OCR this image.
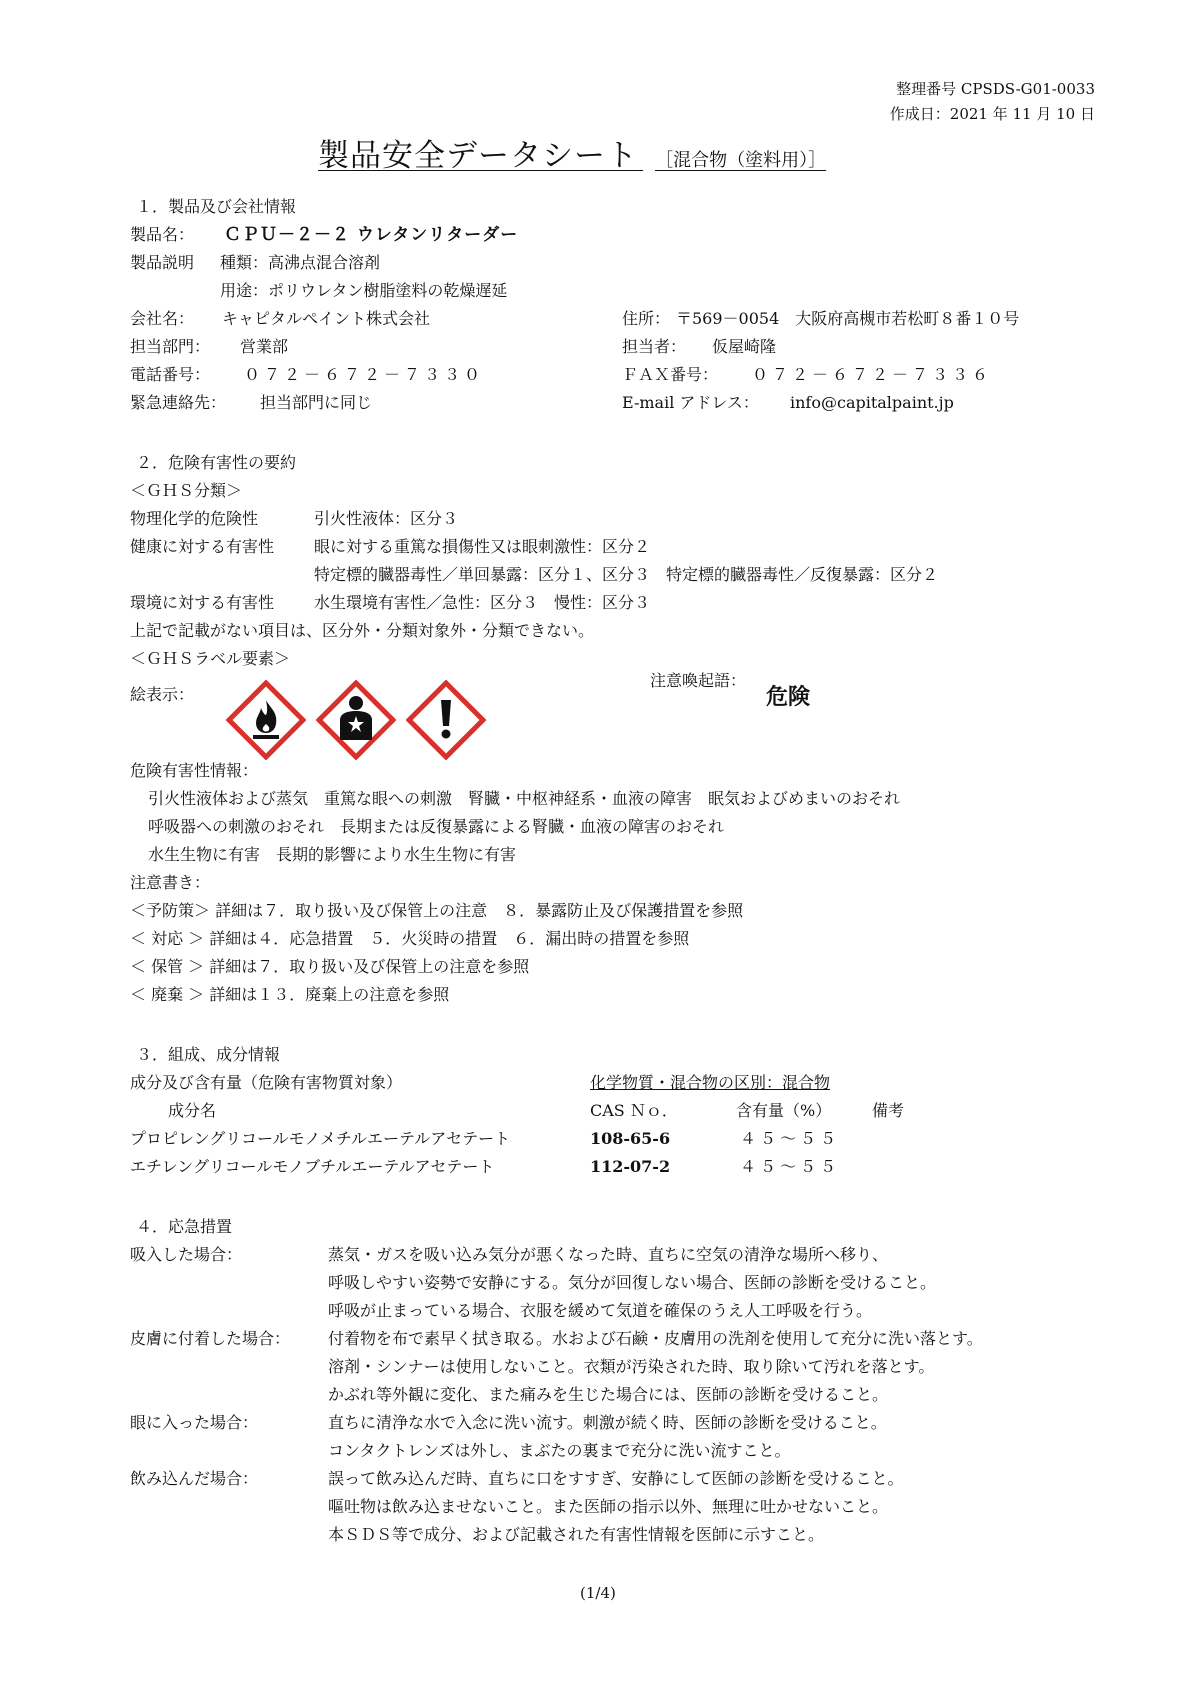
整理番号 CPSDS-G01-0033
作成日：2021 年 11 月 10 日
製品安全データシート ［混合物（塗料用）］
１．製品及び会社情報
製品名： ＣＰＵ－２－２ ウレタンリターダー
製品説明 種類：高沸点混合溶剤
用途：ポリウレタン樹脂塗料の乾燥遅延
会社名： キャピタルペイント株式会社	住所： 〒569－0054　大阪府高槻市若松町８番１０号
担当部門： 営業部	担当者： 仮屋崎隆
電話番号： ０７２－６７２－７３３０	ＦＡＸ番号： ０７２－６７２－７３３６
緊急連絡先： 担当部門に同じ	E-mail アドレス： info@capitalpaint.jp
２．危険有害性の要約
＜ＧＨＳ分類＞
物理化学的危険性	引火性液体：区分３
健康に対する有害性 眼に対する重篤な損傷性又は眼刺激性：区分２
特定標的臓器毒性／単回暴露：区分１、区分３　特定標的臓器毒性／反復暴露：区分２
環境に対する有害性 水生環境有害性／急性：区分３　慢性：区分３
上記で記載がない項目は、区分外・分類対象外・分類できない。
＜ＧＨＳラベル要素＞
絵表示：
注意喚起語：
危険
危険有害性情報：
引火性液体および蒸気　重篤な眼への刺激　腎臓・中枢神経系・血液の障害　眠気およびめまいのおそれ
呼吸器への刺激のおそれ　長期または反復暴露による腎臓・血液の障害のおそれ
水生生物に有害　長期的影響により水生生物に有害
注意書き：
＜予防策＞ 詳細は７．取り扱い及び保管上の注意　８．暴露防止及び保護措置を参照
＜ 対応 ＞ 詳細は４．応急措置　５．火災時の措置　６．漏出時の措置を参照
＜ 保管 ＞ 詳細は７．取り扱い及び保管上の注意を参照
＜ 廃棄 ＞ 詳細は１３．廃棄上の注意を参照
３．組成、成分情報
成分及び含有量（危険有害物質対象）	化学物質・混合物の区別：混合物
成分名	CAS Ｎｏ．	含有量（%）	備考
プロピレングリコールモノメチルエーテルアセテート	108-65-6	４５～５５
エチレングリコールモノブチルエーテルアセテート	112-07-2	４５～５５
４．応急措置
吸入した場合：	蒸気・ガスを吸い込み気分が悪くなった時、直ちに空気の清浄な場所へ移り、
呼吸しやすい姿勢で安静にする。気分が回復しない場合、医師の診断を受けること。
呼吸が止まっている場合、衣服を緩めて気道を確保のうえ人工呼吸を行う。
皮膚に付着した場合： 付着物を布で素早く拭き取る。水および石鹸・皮膚用の洗剤を使用して充分に洗い落とす。
溶剤・シンナーは使用しないこと。衣類が汚染された時、取り除いて汚れを落とす。
かぶれ等外観に変化、また痛みを生じた場合には、医師の診断を受けること。
眼に入った場合：	直ちに清浄な水で入念に洗い流す。刺激が続く時、医師の診断を受けること。
コンタクトレンズは外し、まぶたの裏まで充分に洗い流すこと。
飲み込んだ場合：	誤って飲み込んだ時、直ちに口をすすぎ、安静にして医師の診断を受けること。
嘔吐物は飲み込ませないこと。また医師の指示以外、無理に吐かせないこと。
本ＳＤＳ等で成分、および記載された有害性情報を医師に示すこと。
(1/4)
